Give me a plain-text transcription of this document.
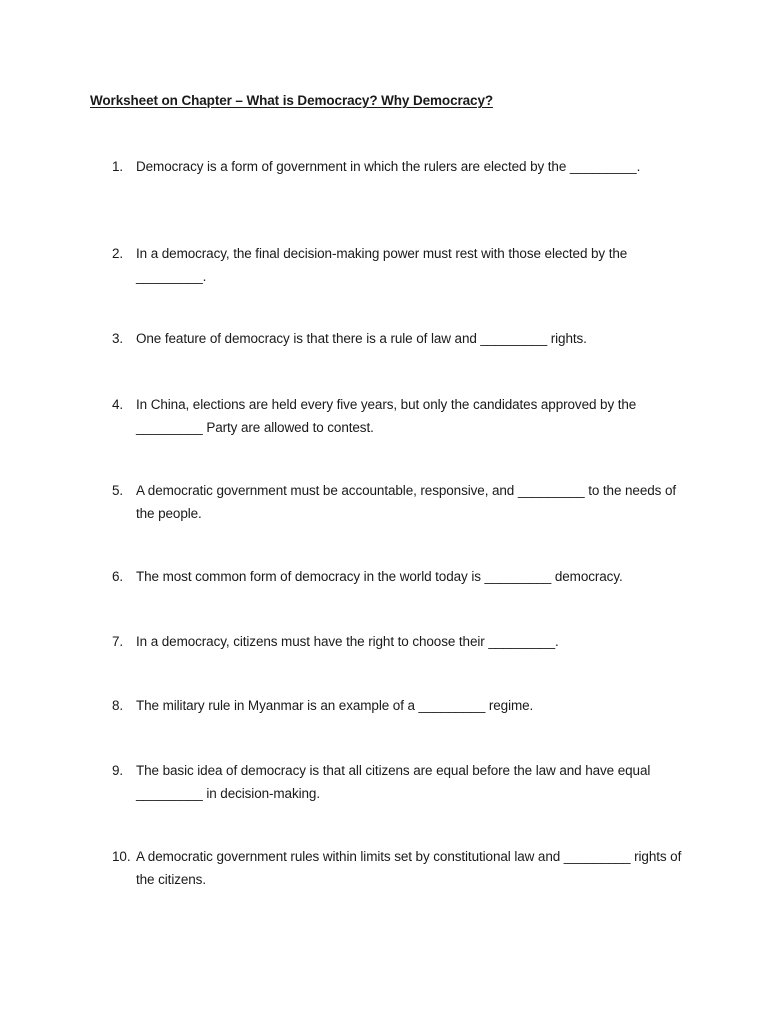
Worksheet on Chapter – What is Democracy? Why Democracy?
1. Democracy is a form of government in which the rulers are elected by the _________.
2. In a democracy, the final decision-making power must rest with those elected by the _________.
3. One feature of democracy is that there is a rule of law and _________ rights.
4. In China, elections are held every five years, but only the candidates approved by the _________ Party are allowed to contest.
5. A democratic government must be accountable, responsive, and _________ to the needs of the people.
6. The most common form of democracy in the world today is _________ democracy.
7. In a democracy, citizens must have the right to choose their _________.
8. The military rule in Myanmar is an example of a _________ regime.
9. The basic idea of democracy is that all citizens are equal before the law and have equal _________ in decision-making.
10. A democratic government rules within limits set by constitutional law and _________ rights of the citizens.
